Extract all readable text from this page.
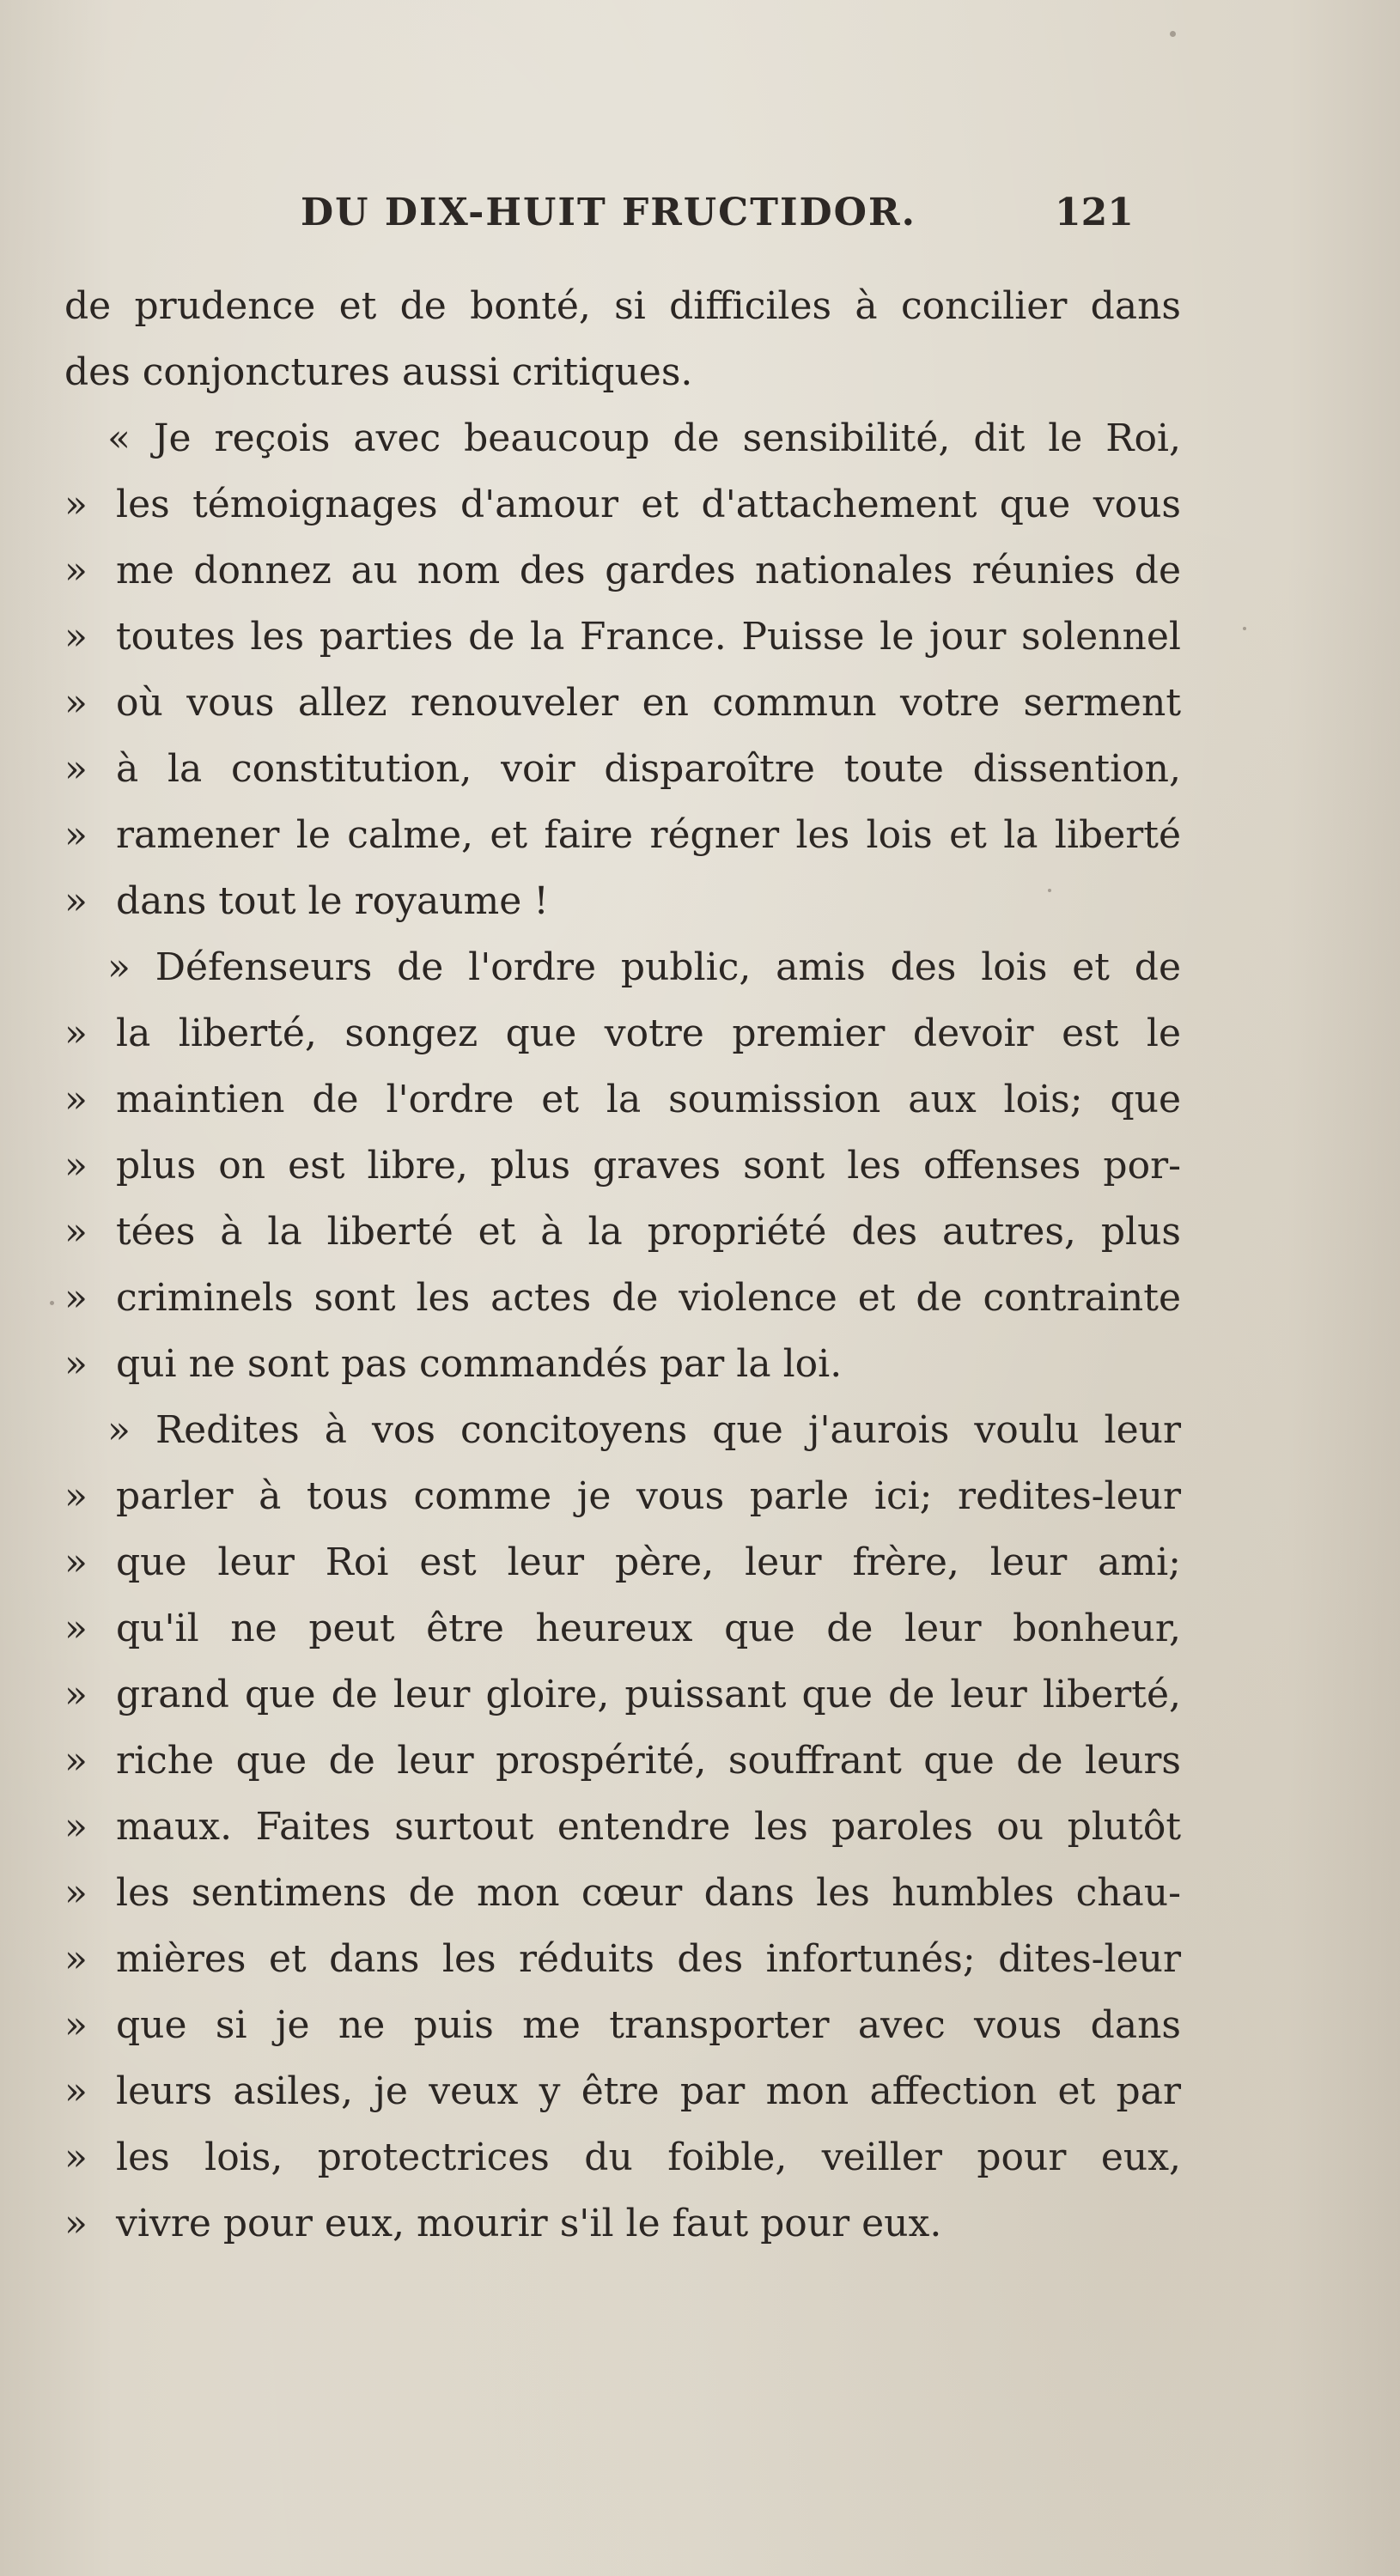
DU DIX-HUIT FRUCTIDOR.	121
de prudence et de bonté, si difficiles à concilier dans
des conjonctures aussi critiques.
« Je reçois avec beaucoup de sensibilité, dit le Roi,
» les témoignages d'amour et d'attachement que vous
» me donnez au nom des gardes nationales réunies de
» toutes les parties de la France. Puisse le jour solennel
» où vous allez renouveler en commun votre serment
» à la constitution, voir disparoître toute dissention,
» ramener le calme, et faire régner les lois et la liberté
» dans tout le royaume !
» Défenseurs de l'ordre public, amis des lois et de
» la liberté, songez que votre premier devoir est le
» maintien de l'ordre et la soumission aux lois; que
» plus on est libre, plus graves sont les offenses por-
» tées à la liberté et à la propriété des autres, plus
» criminels sont les actes de violence et de contrainte
» qui ne sont pas commandés par la loi.
» Redites à vos concitoyens que j'aurois voulu leur
» parler à tous comme je vous parle ici; redites-leur
» que leur Roi est leur père, leur frère, leur ami;
» qu'il ne peut être heureux que de leur bonheur,
» grand que de leur gloire, puissant que de leur liberté,
» riche que de leur prospérité, souffrant que de leurs
» maux. Faites surtout entendre les paroles ou plutôt
» les sentimens de mon cœur dans les humbles chau-
» mières et dans les réduits des infortunés; dites-leur
» que si je ne puis me transporter avec vous dans
» leurs asiles, je veux y être par mon affection et par
» les lois, protectrices du foible, veiller pour eux,
» vivre pour eux, mourir s'il le faut pour eux.
